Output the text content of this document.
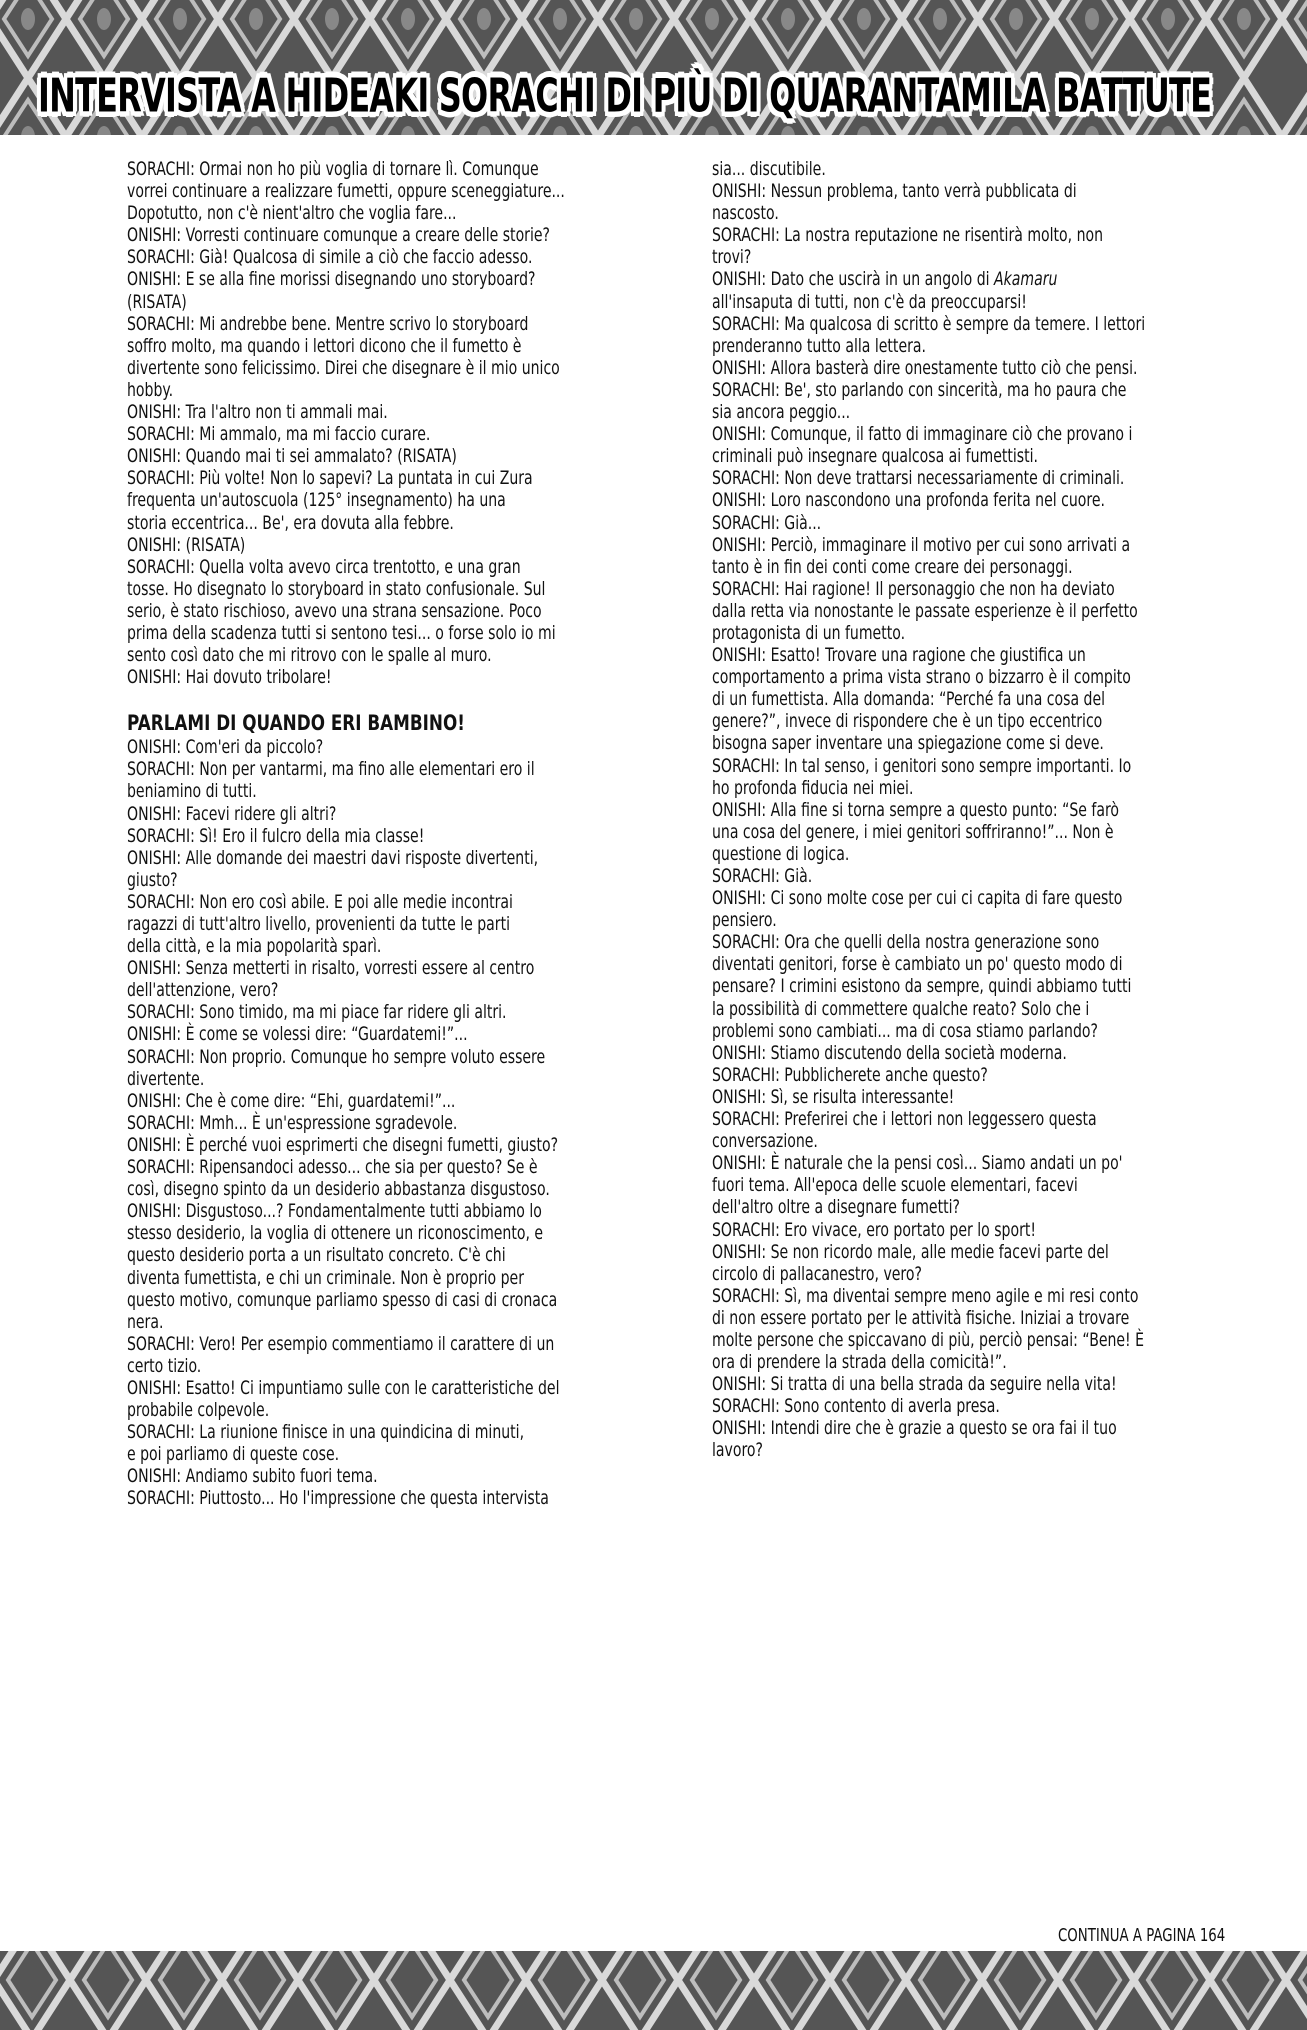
INTERVISTA A HIDEAKI SORACHI DI PIÙ DI QUARANTAMILA BATTUTE
SORACHI: Ormai non ho più voglia di tornare lì. Comunque
vorrei continuare a realizzare fumetti, oppure sceneggiature...
Dopotutto, non c'è nient'altro che voglia fare...
ONISHI: Vorresti continuare comunque a creare delle storie?
SORACHI: Già! Qualcosa di simile a ciò che faccio adesso.
ONISHI: E se alla fine morissi disegnando uno storyboard?
(RISATA)
SORACHI: Mi andrebbe bene. Mentre scrivo lo storyboard
soffro molto, ma quando i lettori dicono che il fumetto è
divertente sono felicissimo. Direi che disegnare è il mio unico
hobby.
ONISHI: Tra l'altro non ti ammali mai.
SORACHI: Mi ammalo, ma mi faccio curare.
ONISHI: Quando mai ti sei ammalato? (RISATA)
SORACHI: Più volte! Non lo sapevi? La puntata in cui Zura
frequenta un'autoscuola (125° insegnamento) ha una
storia eccentrica... Be', era dovuta alla febbre.
ONISHI: (RISATA)
SORACHI: Quella volta avevo circa trentotto, e una gran
tosse. Ho disegnato lo storyboard in stato confusionale. Sul
serio, è stato rischioso, avevo una strana sensazione. Poco
prima della scadenza tutti si sentono tesi... o forse solo io mi
sento così dato che mi ritrovo con le spalle al muro.
ONISHI: Hai dovuto tribolare!
PARLAMI DI QUANDO ERI BAMBINO!
ONISHI: Com'eri da piccolo?
SORACHI: Non per vantarmi, ma fino alle elementari ero il
beniamino di tutti.
ONISHI: Facevi ridere gli altri?
SORACHI: Sì! Ero il fulcro della mia classe!
ONISHI: Alle domande dei maestri davi risposte divertenti,
giusto?
SORACHI: Non ero così abile. E poi alle medie incontrai
ragazzi di tutt'altro livello, provenienti da tutte le parti
della città, e la mia popolarità sparì.
ONISHI: Senza metterti in risalto, vorresti essere al centro
dell'attenzione, vero?
SORACHI: Sono timido, ma mi piace far ridere gli altri.
ONISHI: È come se volessi dire: “Guardatemi!”...
SORACHI: Non proprio. Comunque ho sempre voluto essere
divertente.
ONISHI: Che è come dire: “Ehi, guardatemi!”...
SORACHI: Mmh... È un'espressione sgradevole.
ONISHI: È perché vuoi esprimerti che disegni fumetti, giusto?
SORACHI: Ripensandoci adesso... che sia per questo? Se è
così, disegno spinto da un desiderio abbastanza disgustoso.
ONISHI: Disgustoso...? Fondamentalmente tutti abbiamo lo
stesso desiderio, la voglia di ottenere un riconoscimento, e
questo desiderio porta a un risultato concreto. C'è chi
diventa fumettista, e chi un criminale. Non è proprio per
questo motivo, comunque parliamo spesso di casi di cronaca
nera.
SORACHI: Vero! Per esempio commentiamo il carattere di un
certo tizio.
ONISHI: Esatto! Ci impuntiamo sulle con le caratteristiche del
probabile colpevole.
SORACHI: La riunione finisce in una quindicina di minuti,
e poi parliamo di queste cose.
ONISHI: Andiamo subito fuori tema.
SORACHI: Piuttosto... Ho l'impressione che questa intervista
sia... discutibile.
ONISHI: Nessun problema, tanto verrà pubblicata di
nascosto.
SORACHI: La nostra reputazione ne risentirà molto, non
trovi?
ONISHI: Dato che uscirà in un angolo di Akamaru
all'insaputa di tutti, non c'è da preoccuparsi!
SORACHI: Ma qualcosa di scritto è sempre da temere. I lettori
prenderanno tutto alla lettera.
ONISHI: Allora basterà dire onestamente tutto ciò che pensi.
SORACHI: Be', sto parlando con sincerità, ma ho paura che
sia ancora peggio...
ONISHI: Comunque, il fatto di immaginare ciò che provano i
criminali può insegnare qualcosa ai fumettisti.
SORACHI: Non deve trattarsi necessariamente di criminali.
ONISHI: Loro nascondono una profonda ferita nel cuore.
SORACHI: Già...
ONISHI: Perciò, immaginare il motivo per cui sono arrivati a
tanto è in fin dei conti come creare dei personaggi.
SORACHI: Hai ragione! Il personaggio che non ha deviato
dalla retta via nonostante le passate esperienze è il perfetto
protagonista di un fumetto.
ONISHI: Esatto! Trovare una ragione che giustifica un
comportamento a prima vista strano o bizzarro è il compito
di un fumettista. Alla domanda: “Perché fa una cosa del
genere?”, invece di rispondere che è un tipo eccentrico
bisogna saper inventare una spiegazione come si deve.
SORACHI: In tal senso, i genitori sono sempre importanti. Io
ho profonda fiducia nei miei.
ONISHI: Alla fine si torna sempre a questo punto: “Se farò
una cosa del genere, i miei genitori soffriranno!”... Non è
questione di logica.
SORACHI: Già.
ONISHI: Ci sono molte cose per cui ci capita di fare questo
pensiero.
SORACHI: Ora che quelli della nostra generazione sono
diventati genitori, forse è cambiato un po' questo modo di
pensare? I crimini esistono da sempre, quindi abbiamo tutti
la possibilità di commettere qualche reato? Solo che i
problemi sono cambiati... ma di cosa stiamo parlando?
ONISHI: Stiamo discutendo della società moderna.
SORACHI: Pubblicherete anche questo?
ONISHI: Sì, se risulta interessante!
SORACHI: Preferirei che i lettori non leggessero questa
conversazione.
ONISHI: È naturale che la pensi così... Siamo andati un po'
fuori tema. All'epoca delle scuole elementari, facevi
dell'altro oltre a disegnare fumetti?
SORACHI: Ero vivace, ero portato per lo sport!
ONISHI: Se non ricordo male, alle medie facevi parte del
circolo di pallacanestro, vero?
SORACHI: Sì, ma diventai sempre meno agile e mi resi conto
di non essere portato per le attività fisiche. Iniziai a trovare
molte persone che spiccavano di più, perciò pensai: “Bene! È
ora di prendere la strada della comicità!”.
ONISHI: Si tratta di una bella strada da seguire nella vita!
SORACHI: Sono contento di averla presa.
ONISHI: Intendi dire che è grazie a questo se ora fai il tuo
lavoro?
CONTINUA A PAGINA 164
